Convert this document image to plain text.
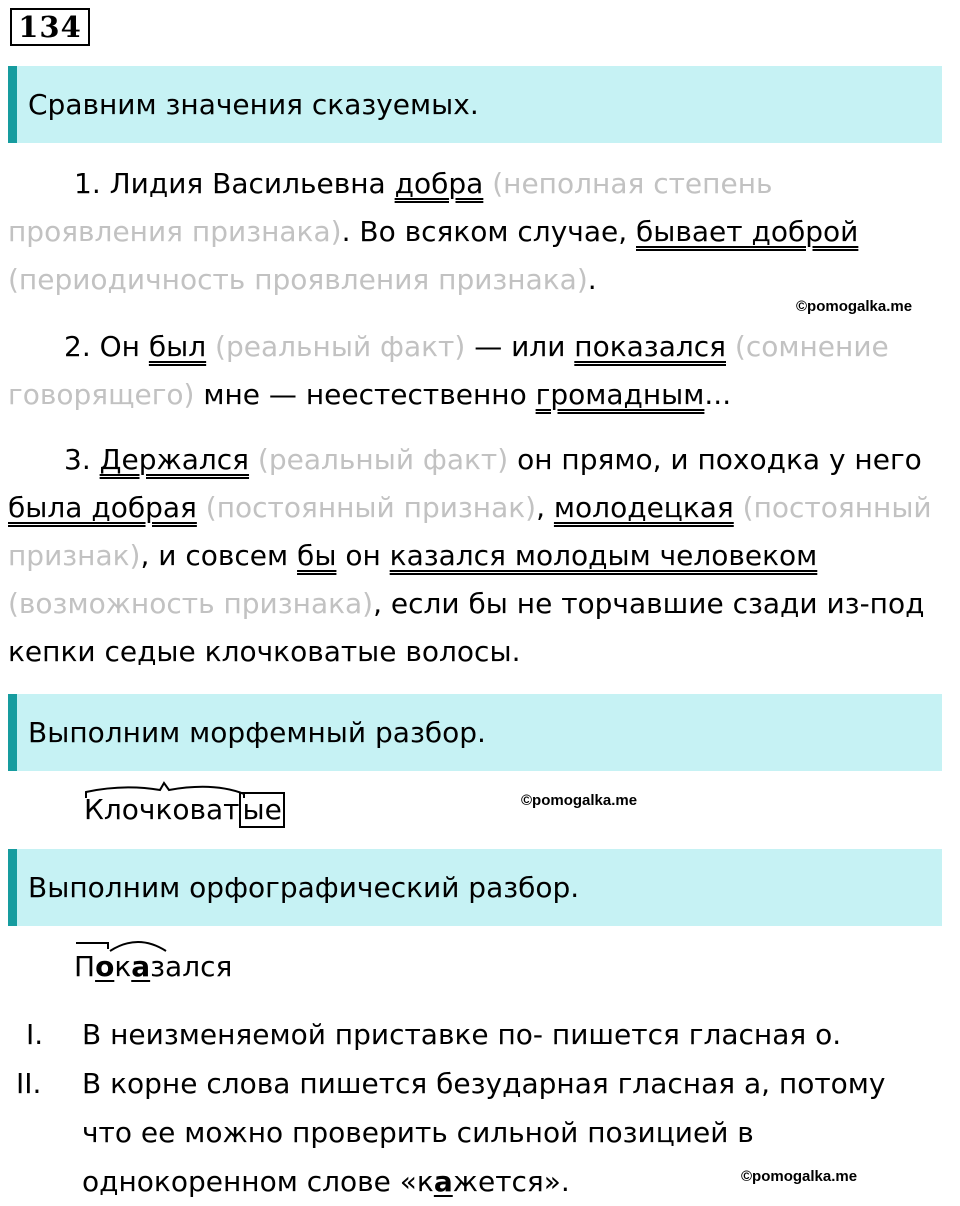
134
Сравним значения сказуемых.

1. Лидия Васильевна добра (неполная степень проявления признака). Во всяком случае, бывает доброй (периодичность проявления признака).

©pomogalka.me

2. Он был (реальный факт) — или показался (сомнение говорящего) мне — неестественно громадным...

3. Держался (реальный факт) он прямо, и походка у него была добрая (постоянный признак), молодецкая (постоянный признак), и совсем бы он казался молодым человеком (возможность признака), если бы не торчавшие сзади из-под кепки седые клочковатые волосы.

Выполним морфемный разбор.
Клочковат ые	©pomogalka.me
Выполним орфографический разбор.
Показался
I. В неизменяемой приставке по- пишется гласная о.
II. В корне слова пишется безударная гласная а, потому что ее можно проверить сильной позицией в однокоренном слове «кажется».	©pomogalka.me
